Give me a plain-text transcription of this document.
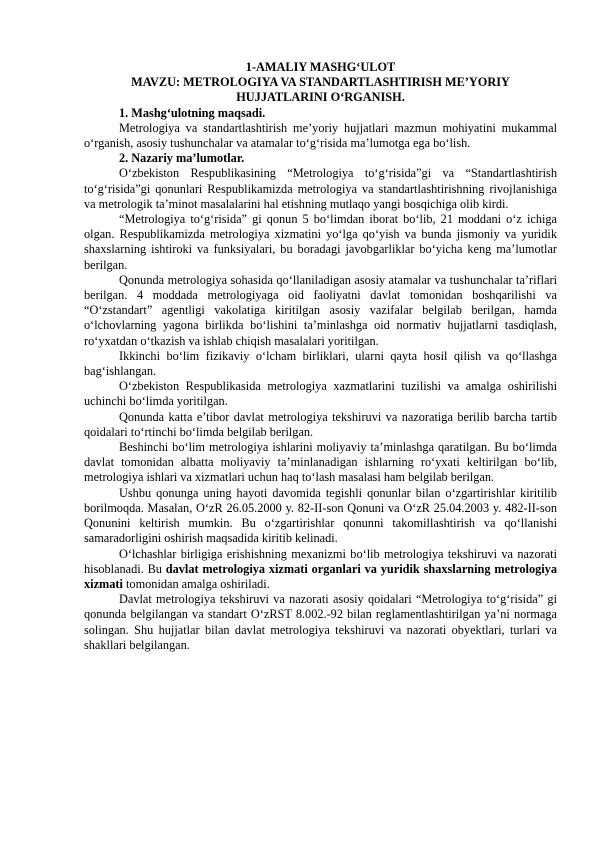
1-AMALIY MASHG‘ULOT
MAVZU: METROLOGIYA VA STANDARTLASHTIRISH ME’YORIY
HUJJATLARINI O‘RGANISH.

1. Mashg‘ulotning maqsadi.

Metrologiya va standartlashtirish me’yoriy hujjatlari mazmun mohiyatini mukammal o‘rganish, asosiy tushunchalar va atamalar to‘g‘risida ma’lumotga ega bo‘lish.

2. Nazariy ma’lumotlar.

O‘zbekiston Respublikasining “Metrologiya to‘g‘risida”gi va “Standartlashtirish to‘g‘risida”gi qonunlari Respublikamizda metrologiya va standartlashtirishning rivojlanishiga va metrologik ta’minot masalalarini hal etishning mutlaqo yangi bosqichiga olib kirdi.

“Metrologiya to‘g‘risida” gi qonun 5 bo‘limdan iborat bo‘lib, 21 moddani o‘z ichiga olgan. Respublikamizda metrologiya xizmatini yo‘lga qo‘yish va bunda jismoniy va yuridik shaxslarning ishtiroki va funksiyalari, bu boradagi javobgarliklar bo‘yicha keng ma’lumotlar berilgan.

Qonunda metrologiya sohasida qo‘llaniladigan asosiy atamalar va tushunchalar ta’riflari berilgan. 4 moddada metrologiyaga oid faoliyatni davlat tomonidan boshqarilishi va “O‘zstandart” agentligi vakolatiga kiritilgan asosiy vazifalar belgilab berilgan, hamda o‘lchovlarning yagona birlikda bo‘lishini ta’minlashga oid normativ hujjatlarni tasdiqlash, ro‘yxatdan o‘tkazish va ishlab chiqish masalalari yoritilgan.

Ikkinchi bo‘lim fizikaviy o‘lcham birliklari, ularni qayta hosil qilish va qo‘llashga bag‘ishlangan.

O‘zbekiston Respublikasida metrologiya xazmatlarini tuzilishi va amalga oshirilishi uchinchi bo‘limda yoritilgan.

Qonunda katta e’tibor davlat metrologiya tekshiruvi va nazoratiga berilib barcha tartib qoidalari to‘rtinchi bo‘limda belgilab berilgan.

Beshinchi bo‘lim metrologiya ishlarini moliyaviy ta’minlashga qaratilgan. Bu bo‘limda davlat tomonidan albatta moliyaviy ta’minlanadigan ishlarning ro‘yxati keltirilgan bo‘lib, metrologiya ishlari va xizmatlari uchun haq to‘lash masalasi ham belgilab berilgan.

Ushbu qonunga uning hayoti davomida tegishli qonunlar bilan o‘zgartirishlar kiritilib borilmoqda. Masalan, O‘zR 26.05.2000 y. 82-II-son Qonuni va O‘zR 25.04.2003 y. 482-II-son Qonunini keltirish mumkin. Bu o‘zgartirishlar qonunni takomillashtirish va qo‘llanishi samaradorligini oshirish maqsadida kiritib kelinadi.

O‘lchashlar birligiga erishishning mexanizmi bo‘lib metrologiya tekshiruvi va nazorati hisoblanadi. Bu davlat metrologiya xizmati organlari va yuridik shaxslarning metrologiya xizmati tomonidan amalga oshiriladi.

Davlat metrologiya tekshiruvi va nazorati asosiy qoidalari “Metrologiya to‘g‘risida” gi qonunda belgilangan va standart O‘zRST 8.002.-92 bilan reglamentlashtirilgan ya’ni normaga solingan. Shu hujjatlar bilan davlat metrologiya tekshiruvi va nazorati obyektlari, turlari va shakllari belgilangan.
